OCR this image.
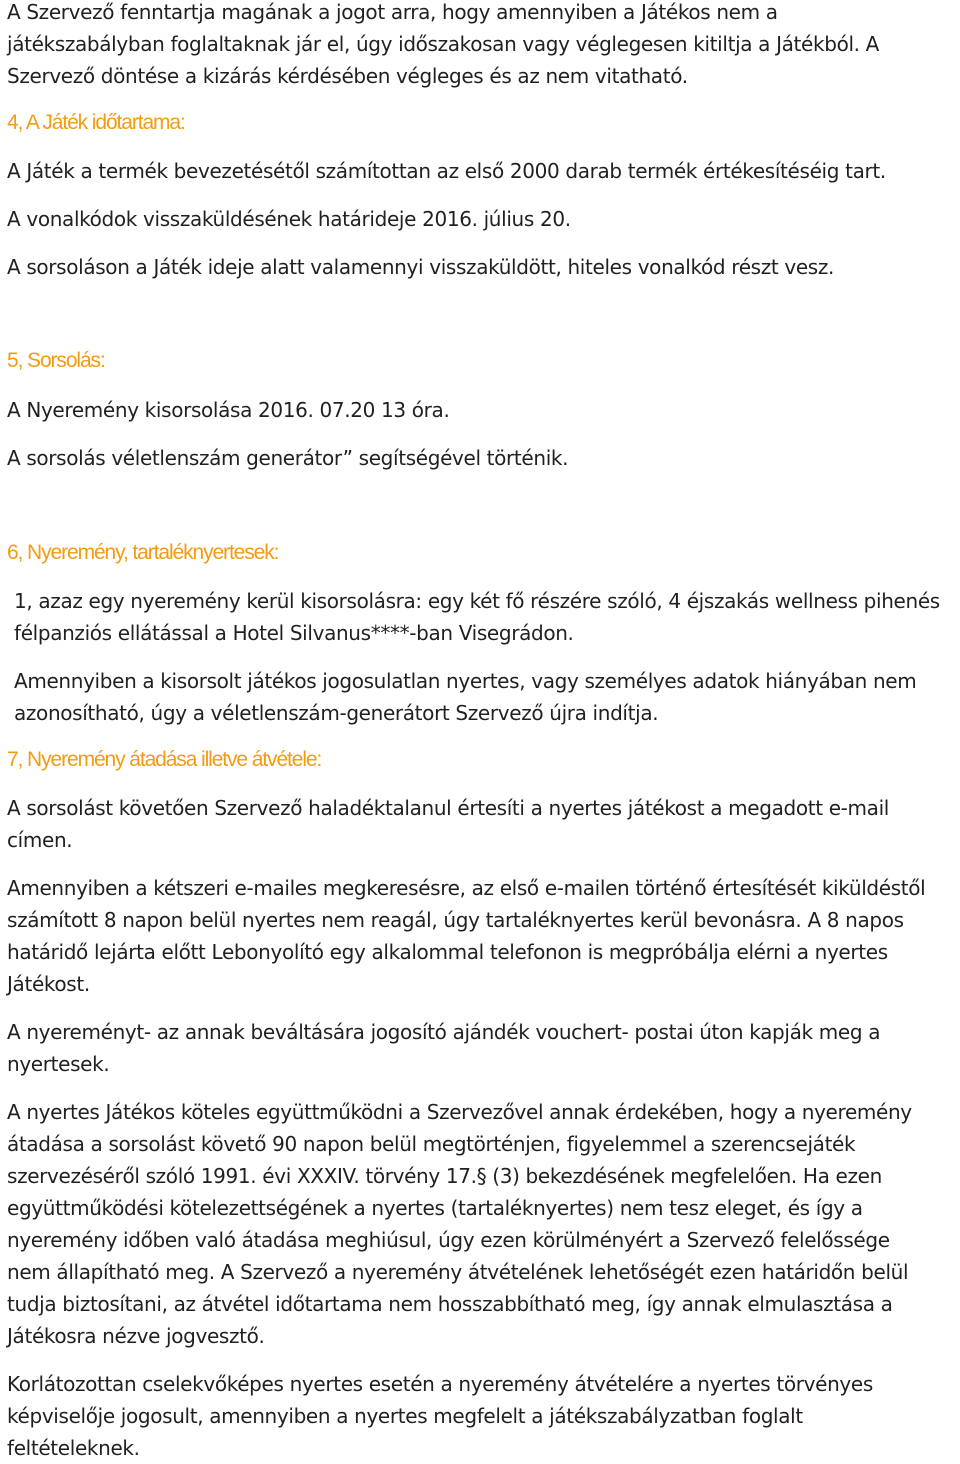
A Szervező fenntartja magának a jogot arra, hogy amennyiben a Játékos nem a
játékszabályban foglaltaknak jár el, úgy időszakosan vagy véglegesen kitiltja a Játékból. A
Szervező döntése a kizárás kérdésében végleges és az nem vitatható.
4, A Játék időtartama:
A Játék a termék bevezetésétől számítottan az első 2000 darab termék értékesítéséig tart.
A vonalkódok visszaküldésének határideje 2016. július 20.
A sorsoláson a Játék ideje alatt valamennyi visszaküldött, hiteles vonalkód részt vesz.
5, Sorsolás:
A Nyeremény kisorsolása 2016. 07.20 13 óra.
A sorsolás véletlenszám generátor” segítségével történik.
6, Nyeremény, tartaléknyertesek:
1, azaz egy nyeremény kerül kisorsolásra: egy két fő részére szóló, 4 éjszakás wellness pihenés
félpanziós ellátással a Hotel Silvanus****-ban Visegrádon.
Amennyiben a kisorsolt játékos jogosulatlan nyertes, vagy személyes adatok hiányában nem
azonosítható, úgy a véletlenszám-generátort Szervező újra indítja.
7, Nyeremény átadása illetve átvétele:
A sorsolást követően Szervező haladéktalanul értesíti a nyertes játékost a megadott e-mail
címen.
Amennyiben a kétszeri e-mailes megkeresésre, az első e-mailen történő értesítését kiküldéstől
számított 8 napon belül nyertes nem reagál, úgy tartaléknyertes kerül bevonásra. A 8 napos
határidő lejárta előtt Lebonyolító egy alkalommal telefonon is megpróbálja elérni a nyertes
Játékost.
A nyereményt- az annak beváltására jogosító ajándék vouchert- postai úton kapják meg a
nyertesek.
A nyertes Játékos köteles együttműködni a Szervezővel annak érdekében, hogy a nyeremény
átadása a sorsolást követő 90 napon belül megtörténjen, figyelemmel a szerencsejáték
szervezéséről szóló 1991. évi XXXIV. törvény 17.§ (3) bekezdésének megfelelően. Ha ezen
együttműködési kötelezettségének a nyertes (tartaléknyertes) nem tesz eleget, és így a
nyeremény időben való átadása meghiúsul, úgy ezen körülményért a Szervező felelőssége
nem állapítható meg. A Szervező a nyeremény átvételének lehetőségét ezen határidőn belül
tudja biztosítani, az átvétel időtartama nem hosszabbítható meg, így annak elmulasztása a
Játékosra nézve jogvesztő.
Korlátozottan cselekvőképes nyertes esetén a nyeremény átvételére a nyertes törvényes
képviselője jogosult, amennyiben a nyertes megfelelt a játékszabályzatban foglalt
feltételeknek.
